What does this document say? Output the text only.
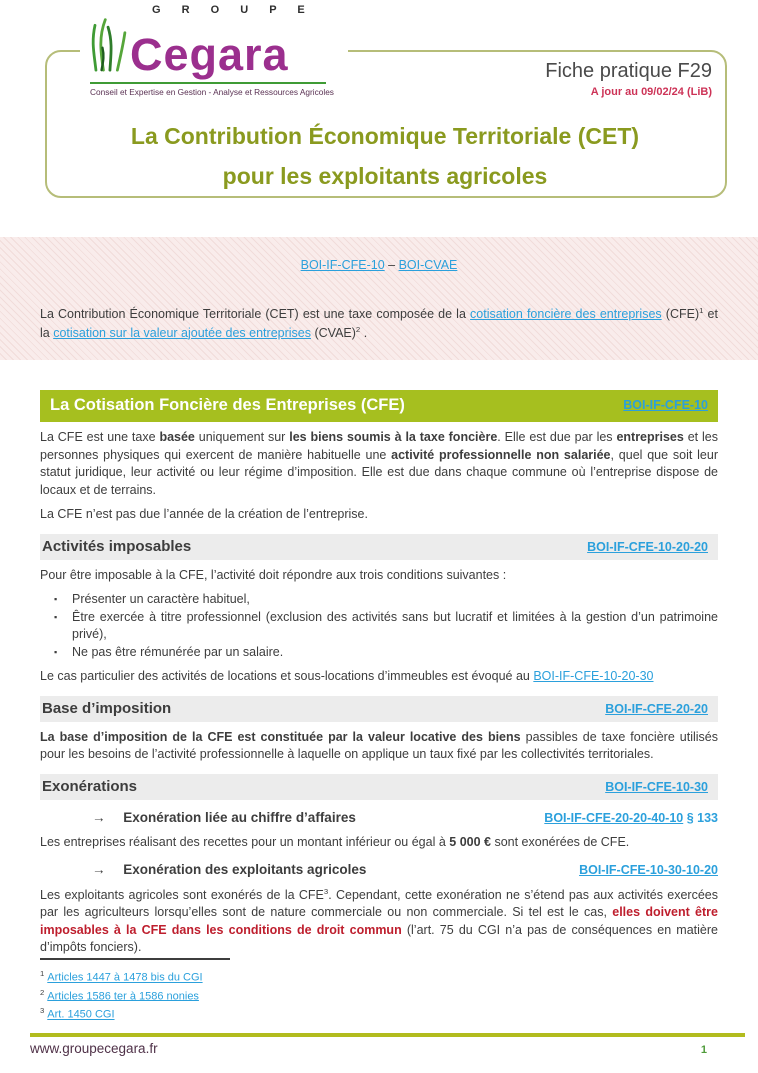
G R O U P E
Cegara
Conseil et Expertise en Gestion - Analyse et Ressources Agricoles
Fiche pratique F29
A jour au 09/02/24 (LiB)
La Contribution Économique Territoriale (CET)
pour les exploitants agricoles
BOI-IF-CFE-10 – BOI-CVAE
La Contribution Économique Territoriale (CET) est une taxe composée de la cotisation foncière des entreprises (CFE)$^1$ et la cotisation sur la valeur ajoutée des entreprises (CVAE)$^2$ .
La Cotisation Foncière des Entreprises (CFE)	BOI-IF-CFE-10

La CFE est une taxe basée uniquement sur les biens soumis à la taxe foncière. Elle est due par les entreprises et les personnes physiques qui exercent de manière habituelle une activité professionnelle non salariée, quel que soit leur statut juridique, leur activité ou leur régime d’imposition. Elle est due dans chaque commune où l’entreprise dispose de locaux et de terrains.

La CFE n’est pas due l’année de la création de l’entreprise.

Activités imposables	BOI-IF-CFE-10-20-20

Pour être imposable à la CFE, l’activité doit répondre aux trois conditions suivantes :

▪	Présenter un caractère habituel,
▪	Être exercée à titre professionnel (exclusion des activités sans but lucratif et limitées à la gestion d’un patrimoine privé),
▪	Ne pas être rémunérée par un salaire.

Le cas particulier des activités de locations et sous-locations d’immeubles est évoqué au BOI-IF-CFE-10-20-30

Base d’imposition	BOI-IF-CFE-20-20

La base d’imposition de la CFE est constituée par la valeur locative des biens passibles de taxe foncière utilisés pour les besoins de l’activité professionnelle à laquelle on applique un taux fixé par les collectivités territoriales.

Exonérations	BOI-IF-CFE-10-30
→ Exonération liée au chiffre d’affaires	BOI-IF-CFE-20-20-40-10 § 133

Les entreprises réalisant des recettes pour un montant inférieur ou égal à 5 000 € sont exonérées de CFE.

→ Exonération des exploitants agricoles	BOI-IF-CFE-10-30-10-20

Les exploitants agricoles sont exonérés de la CFE$^3$. Cependant, cette exonération ne s’étend pas aux activités exercées par les agriculteurs lorsqu’elles sont de nature commerciale ou non commerciale. Si tel est le cas, elles doivent être imposables à la CFE dans les conditions de droit commun (l’art. 75 du CGI n’a pas de conséquences en matière d’impôts fonciers).

$^1$ Articles 1447 à 1478 bis du CGI
$^2$ Articles 1586 ter à 1586 nonies
$^3$ Art. 1450 CGI
www.groupecegara.fr	1
